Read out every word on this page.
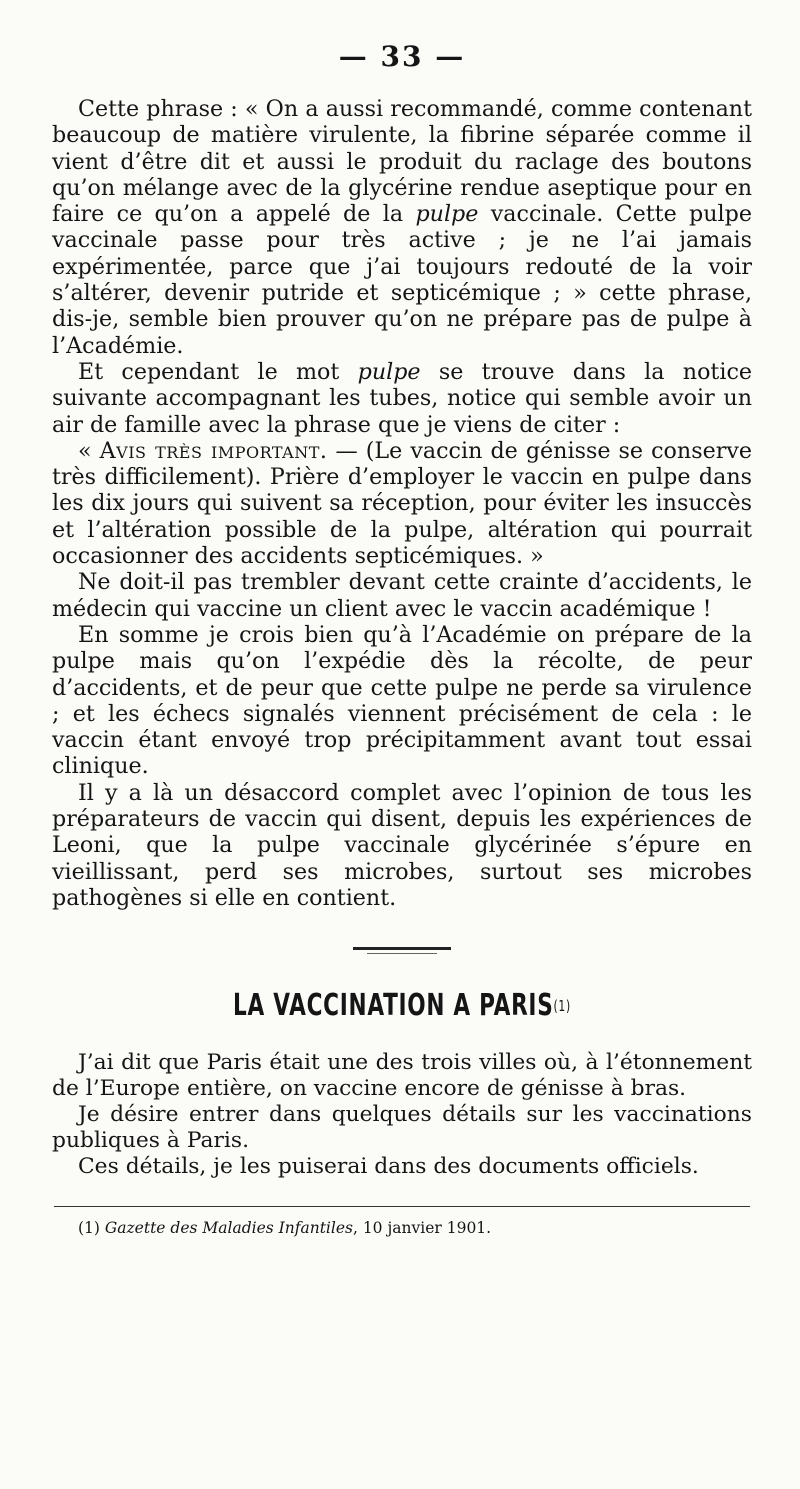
— 33 —

Cette phrase : « On a aussi recommandé, comme contenant beaucoup de matière virulente, la fibrine séparée comme il vient d’être dit et aussi le produit du raclage des boutons qu’on mélange avec de la glycérine rendue aseptique pour en faire ce qu’on a appelé de la pulpe vaccinale. Cette pulpe vaccinale passe pour très active ; je ne l’ai jamais expérimentée, parce que j’ai toujours redouté de la voir s’altérer, devenir putride et septicémique ; » cette phrase, dis-je, semble bien prouver qu’on ne prépare pas de pulpe à l’Académie.

Et cependant le mot pulpe se trouve dans la notice suivante accompagnant les tubes, notice qui semble avoir un air de famille avec la phrase que je viens de citer :

« Avis très important. — (Le vaccin de génisse se conserve très difficilement). Prière d’employer le vaccin en pulpe dans les dix jours qui suivent sa réception, pour éviter les insuccès et l’altération possible de la pulpe, altération qui pourrait occasionner des accidents septicémiques. »

Ne doit-il pas trembler devant cette crainte d’accidents, le médecin qui vaccine un client avec le vaccin académique !

En somme je crois bien qu’à l’Académie on prépare de la pulpe mais qu’on l’expédie dès la récolte, de peur d’accidents, et de peur que cette pulpe ne perde sa virulence ; et les échecs signalés viennent précisément de cela : le vaccin étant envoyé trop précipitamment avant tout essai clinique.

Il y a là un désaccord complet avec l’opinion de tous les préparateurs de vaccin qui disent, depuis les expériences de Leoni, que la pulpe vaccinale glycérinée s’épure en vieillissant, perd ses microbes, surtout ses microbes pathogènes si elle en contient.

LA VACCINATION A PARIS$^{(1)}$

J’ai dit que Paris était une des trois villes où, à l’étonnement de l’Europe entière, on vaccine encore de génisse à bras.

Je désire entrer dans quelques détails sur les vaccinations publiques à Paris.

Ces détails, je les puiserai dans des documents officiels.

(1) Gazette des Maladies Infantiles, 10 janvier 1901.
